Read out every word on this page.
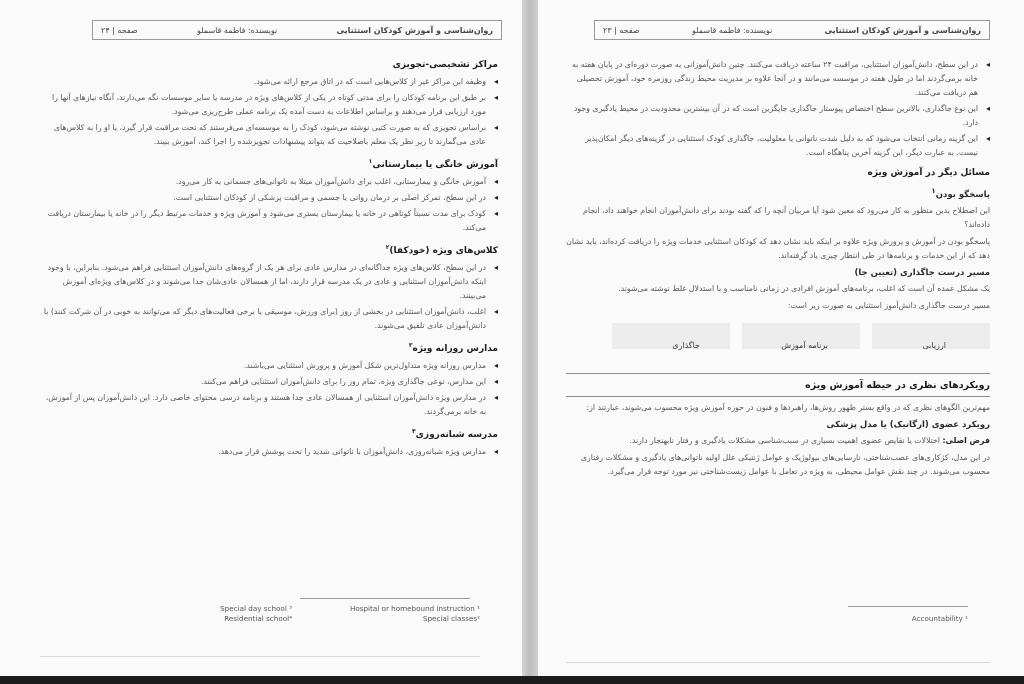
روان‌شناسی و آموزش کودکان استثنایی
نویسنده: فاطمه قاسملو
صفحه | ۲۴
مراکز تشخیصی-تجویزی
◂
وظیفه این مراکز غیر از کلاس‌هایی است که در اتاق مرجع ارائه می‌شود.
◂
بر طبق این برنامه کودکان را برای مدتی کوتاه در یکی از کلاس‌های ویژه در مدرسه یا سایر موسسات نگه می‌دارند، آنگاه نیازهای آنها را مورد ارزیابی قرار می‌دهند و براساس اطلاعات به دست آمده یک برنامه عملی طرح‌ریزی می‌شود.
◂
براساس تجویزی که به صورت کتبی نوشته می‌شود، کودک را به موسسه‌ای می‌فرستند که تحت مراقبت قرار گیرد، یا او را به کلاس‌های عادی می‌گمارند تا زیر نظر یک معلم باصلاحیت که بتواند پیشنهادات تجویزشده را اجرا کند، آموزش ببیند.
آموزش خانگی یا بیمارستانی$^۱$
◂
آموزش خانگی و بیمارستانی، اغلب برای دانش‌آموزان مبتلا به ناتوانی‌های جسمانی به کار می‌رود.
◂
در این سطح، تمرکز اصلی بر درمان روانی یا جسمی و مراقبت پزشکی از کودکان استثنایی است.
◂
کودک برای مدت نسبتاً کوتاهی در خانه یا بیمارستان بستری می‌شود و آموزش ویژه و خدمات مرتبط دیگر را در خانه یا بیمارستان دریافت می‌کند.
کلاس‌های ویژه (خودکفا)$^۲$
◂
در این سطح، کلاس‌های ویژه جداگانه‌ای در مدارس عادی برای هر یک از گروه‌های دانش‌آموزان استثنایی فراهم می‌شود. بنابراین، با وجود اینکه دانش‌آموزان استثنایی و عادی در یک مدرسه قرار دارند، اما از همسالان عادی‌شان جدا می‌شوند و در کلاس‌های ویژه‌ای آموزش می‌بینند.
◂
اغلب، دانش‌آموزان استثنایی در بخشی از روز (برای ورزش، موسیقی یا برخی فعالیت‌های دیگر که می‌توانند به خوبی در آن شرکت کنند) با دانش‌آموزان عادی تلفیق می‌شوند.
مدارس روزانه ویژه$^۳$
◂
مدارس روزانه ویژه متداول‌ترین شکل آموزش و پرورش استثنایی می‌باشند.
◂
این مدارس، نوعی جاگذاری ویژه، تمام روز را برای دانش‌آموزان استثنایی فراهم می‌کنند.
◂
در مدارس ویژه دانش‌آموزان استثنایی از همسالان عادی جدا هستند و برنامه درسی محتوای خاصی دارد. این دانش‌آموزان پس از آموزش، به خانه برمی‌گردند.
مدرسه شبانه‌روزی$^۴$
◂
مدارس ویژه شبانه‌روزی، دانش‌آموزان با ناتوانی شدید را تحت پوشش قرار می‌دهد.
Hospital or homebound instruction ¹
Special classes²
Special day school ³
Residential school⁴
روان‌شناسی و آموزش کودکان استثنایی
نویسنده: فاطمه قاسملو
صفحه | ۲۳
◂
در این سطح، دانش‌آموزان استثنایی، مراقبت ۲۴ ساعته دریافت می‌کنند. چنین دانش‌آموزانی به صورت دوره‌ای در پایان هفته به خانه برمی‌گردند اما در طول هفته در موسسه می‌مانند و در آنجا علاوه بر مدیریت محیط زندگی روزمره خود، آموزش تحصیلی هم دریافت می‌کنند.
◂
این نوع جاگذاری، بالاترین سطح اختصاص پیوستار جاگذاری جایگزین است که در آن بیشترین محدودیت در محیط یادگیری وجود دارد.
◂
این گزینه زمانی انتخاب می‌شود که به دلیل شدت ناتوانی یا معلولیت، جاگذاری کودک استثنایی در گزینه‌های دیگر امکان‌پذیر نیست. به عبارت دیگر، این گزینه آخرین پناهگاه است.
مسائل دیگر در آموزش ویژه
پاسخگو بودن$^۱$

این اصطلاح بدین منظور به کار می‌رود که معین شود آیا مربیان آنچه را که گفته بودند برای دانش‌آموزان انجام خواهند داد، انجام داده‌اند؟

پاسخگو بودن در آموزش و پرورش ویژه علاوه بر اینکه باید نشان دهد که کودکان استثنایی خدمات ویژه را دریافت کرده‌اند، باید نشان دهد که از این خدمات و برنامه‌ها در طی انتظار چیزی یاد گرفته‌اند.

مسیر درست جاگذاری (تعیین جا)

یک مشکل عمده آن است که اغلب، برنامه‌های آموزش افرادی در زمانی نامناسب و با استدلال غلط نوشته می‌شوند.

مسیر درست جاگذاری دانش‌آموز استثنایی به صورت زیر است:

ارزیابی
برنامه آموزش
جاگذاری
رویکردهای نظری در حیطه آموزش ویژه

مهم‌ترین الگوهای نظری که در واقع بستر ظهور روش‌ها، راهبردها و فنون در حوزه آموزش ویژه محسوب می‌شوند، عبارتند از:

رویکرد عضوی (ارگانیک) یا مدل پزشکی

فرض اصلی: اختلالات یا نقایص عضوی اهمیت بسیاری در سبب‌شناسی مشکلات یادگیری و رفتار نابهنجار دارند.

در این مدل، کژکاری‌های عصب‌شناختی، نارسایی‌های بیولوژیک و عوامل ژنتیکی علل اولیه ناتوانی‌های یادگیری و مشکلات رفتاری محسوب می‌شوند. در چند نقش عوامل محیطی، به ویژه در تعامل با عوامل زیست‌شناختی نیز مورد توجه قرار می‌گیرد.

Accountability ¹
